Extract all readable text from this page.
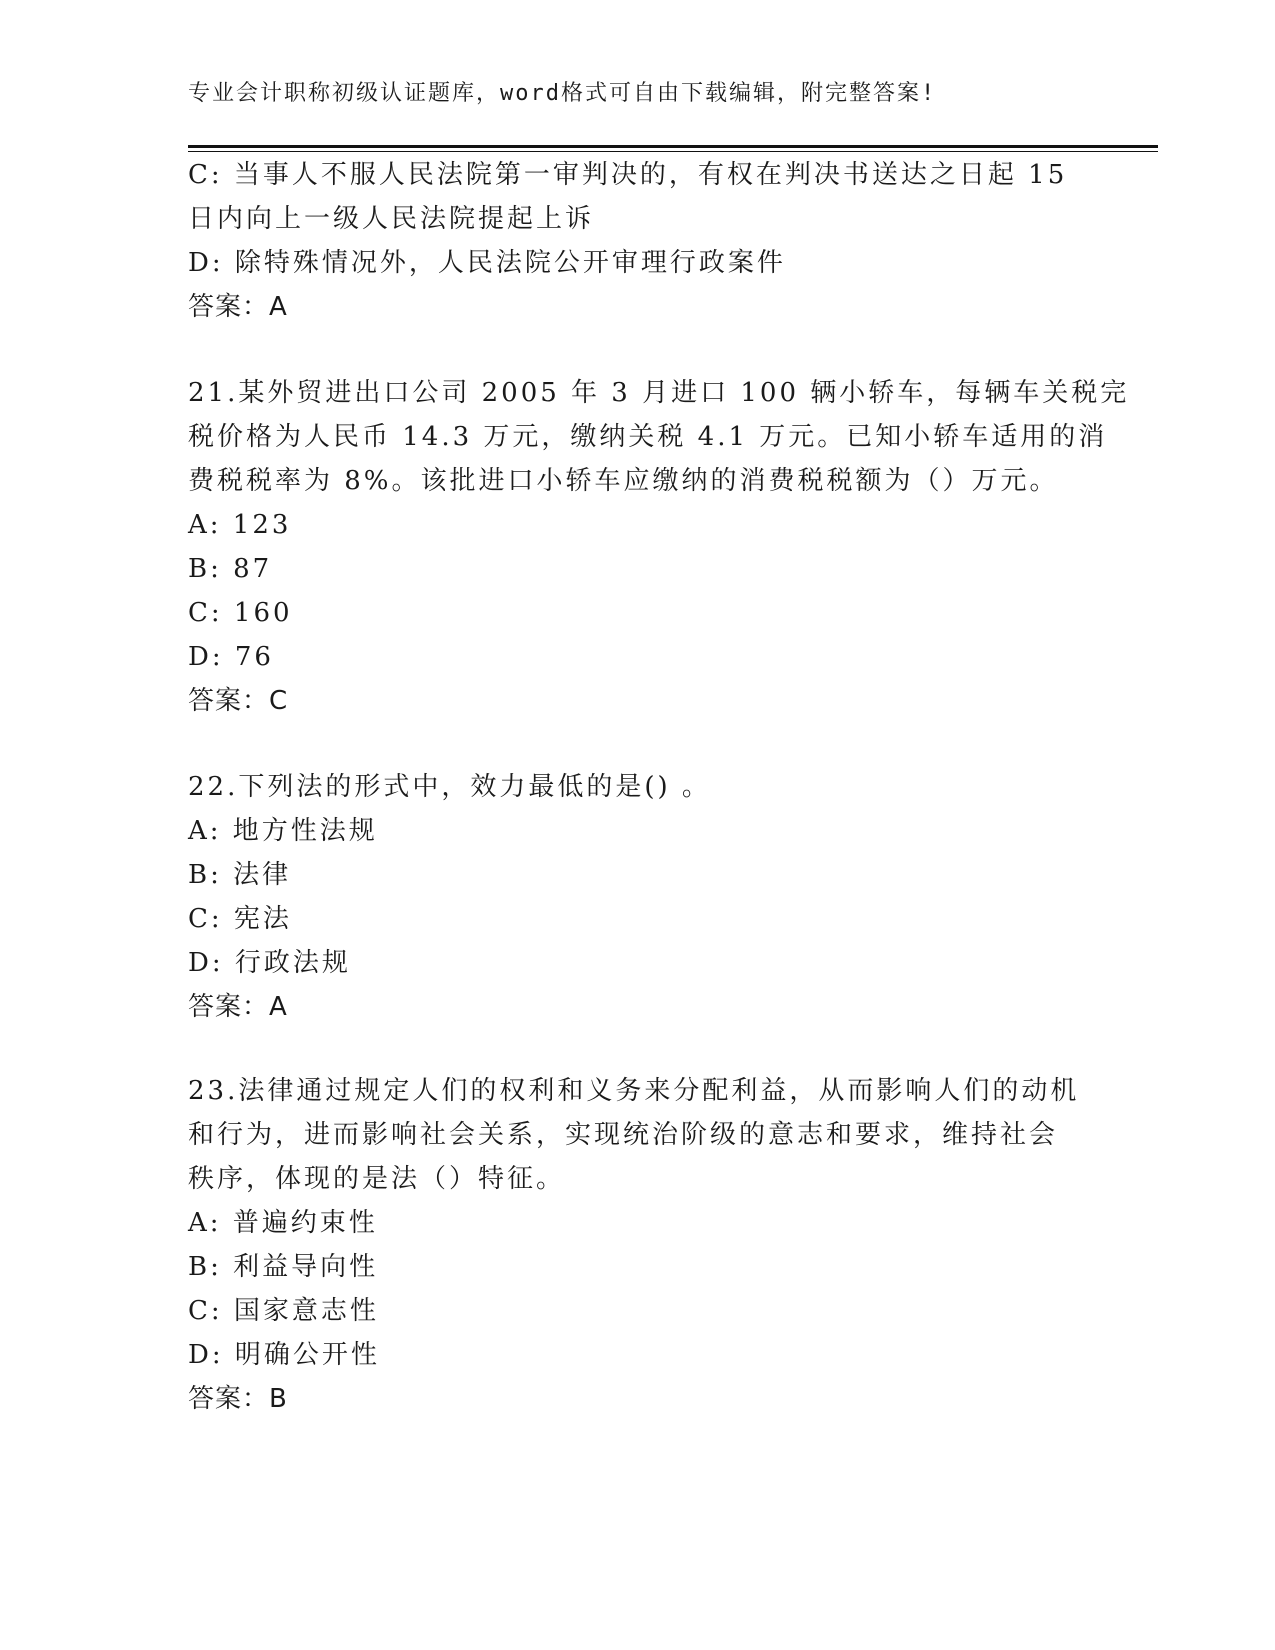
专业会计职称初级认证题库，word格式可自由下载编辑，附完整答案!
C: 当事人不服人民法院第一审判决的，有权在判决书送达之日起 15
日内向上一级人民法院提起上诉
D: 除特殊情况外，人民法院公开审理行政案件
答案：A
21.某外贸进出口公司 2005 年 3 月进口 100 辆小轿车，每辆车关税完
税价格为人民币 14.3 万元，缴纳关税 4.1 万元。已知小轿车适用的消
费税税率为 8%。该批进口小轿车应缴纳的消费税税额为（）万元。
A: 123
B: 87
C: 160
D: 76
答案：C
22.下列法的形式中，效力最低的是() 。
A: 地方性法规
B: 法律
C: 宪法
D: 行政法规
答案：A
23.法律通过规定人们的权利和义务来分配利益，从而影响人们的动机
和行为，进而影响社会关系，实现统治阶级的意志和要求，维持社会
秩序，体现的是法（）特征。
A: 普遍约束性
B: 利益导向性
C: 国家意志性
D: 明确公开性
答案：B
